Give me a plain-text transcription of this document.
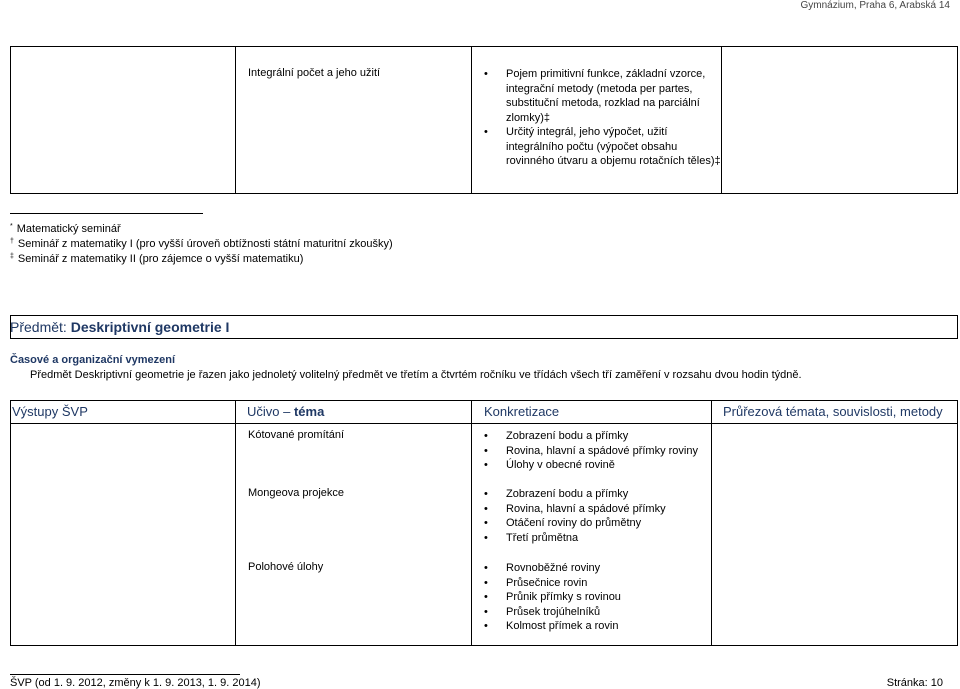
Gymnázium, Praha 6, Arabská 14
Integrální počet a jeho užití	• Pojem primitivní funkce, základní vzorce, integrační metody (metoda per partes, substituční metoda, rozklad na parciální zlomky)‡
• Určitý integrál, jeho výpočet, užití integrálního počtu (výpočet obsahu rovinného útvaru a objemu rotačních těles)‡
* Matematický seminář
† Seminář z matematiky I (pro vyšší úroveň obtížnosti státní maturitní zkoušky)
‡ Seminář z matematiky II (pro zájemce o vyšší matematiku)
Předmět: Deskriptivní geometrie I
Časové a organizační vymezení
Předmět Deskriptivní geometrie je řazen jako jednoletý volitelný předmět ve třetím a čtvrtém ročníku ve třídách všech tří zaměření v rozsahu dvou hodin týdně.
Výstupy ŠVP	Učivo – téma	Konkretizace	Průřezová témata, souvislosti, metody
Kótované promítání	• Zobrazení bodu a přímky
• Rovina, hlavní a spádové přímky roviny
• Úlohy v obecné rovině
Mongeova projekce	• Zobrazení bodu a přímky
• Rovina, hlavní a spádové přímky
• Otáčení roviny do průmětny
• Třetí průmětna
Polohové úlohy	• Rovnoběžné roviny
• Průsečnice rovin
• Průnik přímky s rovinou
• Průsek trojúhelníků
• Kolmost přímek a rovin
ŠVP (od 1. 9. 2012, změny k 1. 9. 2013, 1. 9. 2014)	Stránka: 10
